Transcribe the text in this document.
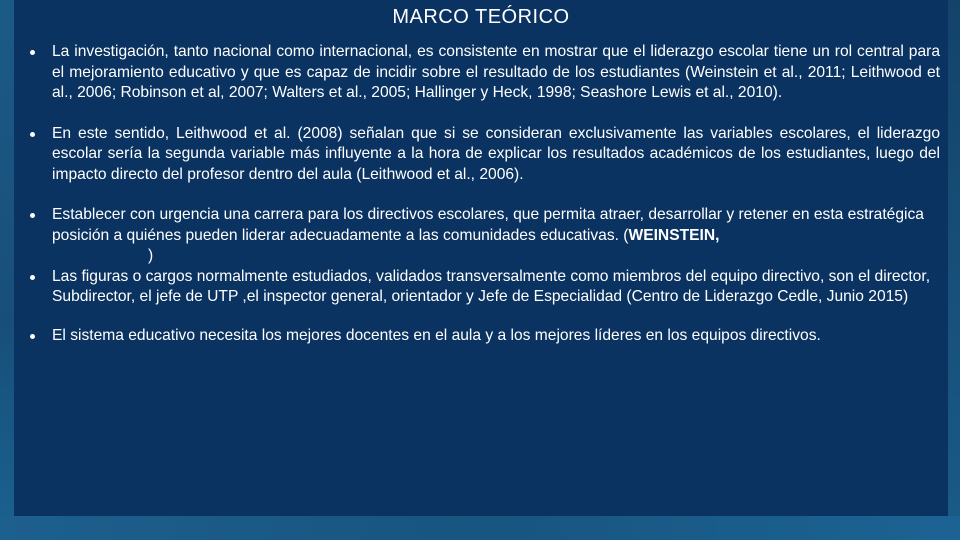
MARCO TEÓRICO
La investigación, tanto nacional como internacional, es consistente en mostrar que el liderazgo escolar tiene un rol central para el mejoramiento educativo y que es capaz de incidir sobre el resultado de los estudiantes (Weinstein et al., 2011; Leithwood et al., 2006; Robinson et al, 2007; Walters et al., 2005; Hallinger y Heck, 1998; Seashore Lewis et al., 2010).
En este sentido, Leithwood et al. (2008) señalan que si se consideran exclusivamente las variables escolares, el liderazgo escolar sería la segunda variable más influyente a la hora de explicar los resultados académicos de los estudiantes, luego del impacto directo del profesor dentro del aula (Leithwood et al., 2006).
Establecer con urgencia una carrera para los directivos escolares, que permita atraer, desarrollar y retener en esta estratégica posición a quiénes pueden liderar adecuadamente a las comunidades educativas. (WEINSTEIN,
)
Las figuras o cargos normalmente estudiados, validados transversalmente como miembros del equipo directivo, son el director, Subdirector, el jefe de UTP ,el inspector general, orientador y Jefe de Especialidad (Centro de Liderazgo Cedle, Junio 2015)
El sistema educativo necesita los mejores docentes en el aula y a los mejores líderes en los equipos directivos.
